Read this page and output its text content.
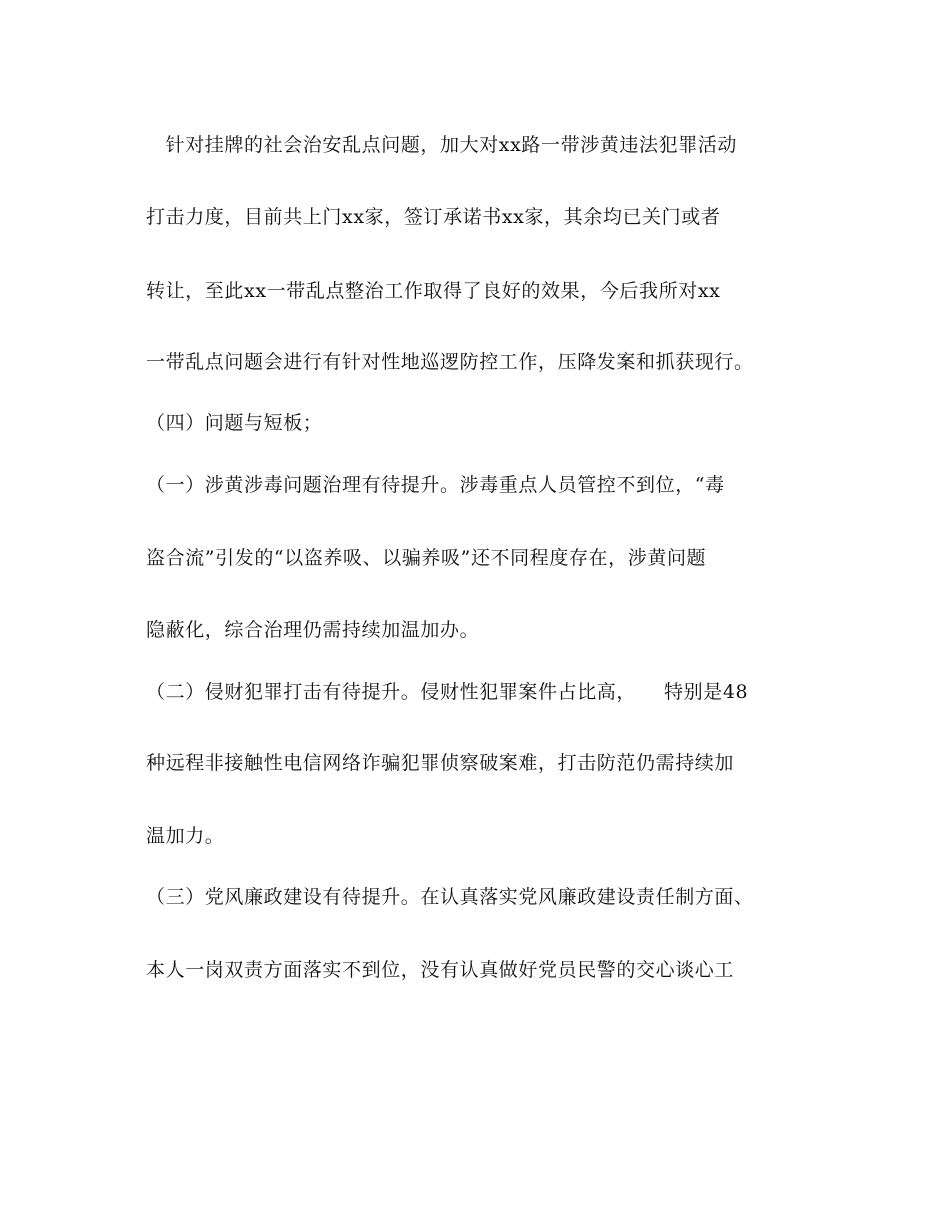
　针对挂牌的社会治安乱点问题，加大对xx路一带涉黄违法犯罪活动
打击力度，目前共上门xx家，签订承诺书xx家，其余均已关门或者
转让，至此xx一带乱点整治工作取得了良好的效果，今后我所对xx
一带乱点问题会进行有针对性地巡逻防控工作，压降发案和抓获现行。
（四）问题与短板；
（一）涉黄涉毒问题治理有待提升。涉毒重点人员管控不到位，“毒
盗合流”引发的“以盗养吸、以骗养吸”还不同程度存在，涉黄问题
隐蔽化，综合治理仍需持续加温加办。
（二）侵财犯罪打击有待提升。侵财性犯罪案件占比高， 特别是48
种远程非接触性电信网络诈骗犯罪侦察破案难，打击防范仍需持续加
温加力。
（三）党风廉政建设有待提升。在认真落实党风廉政建设责任制方面、
本人一岗双责方面落实不到位，没有认真做好党员民警的交心谈心工
